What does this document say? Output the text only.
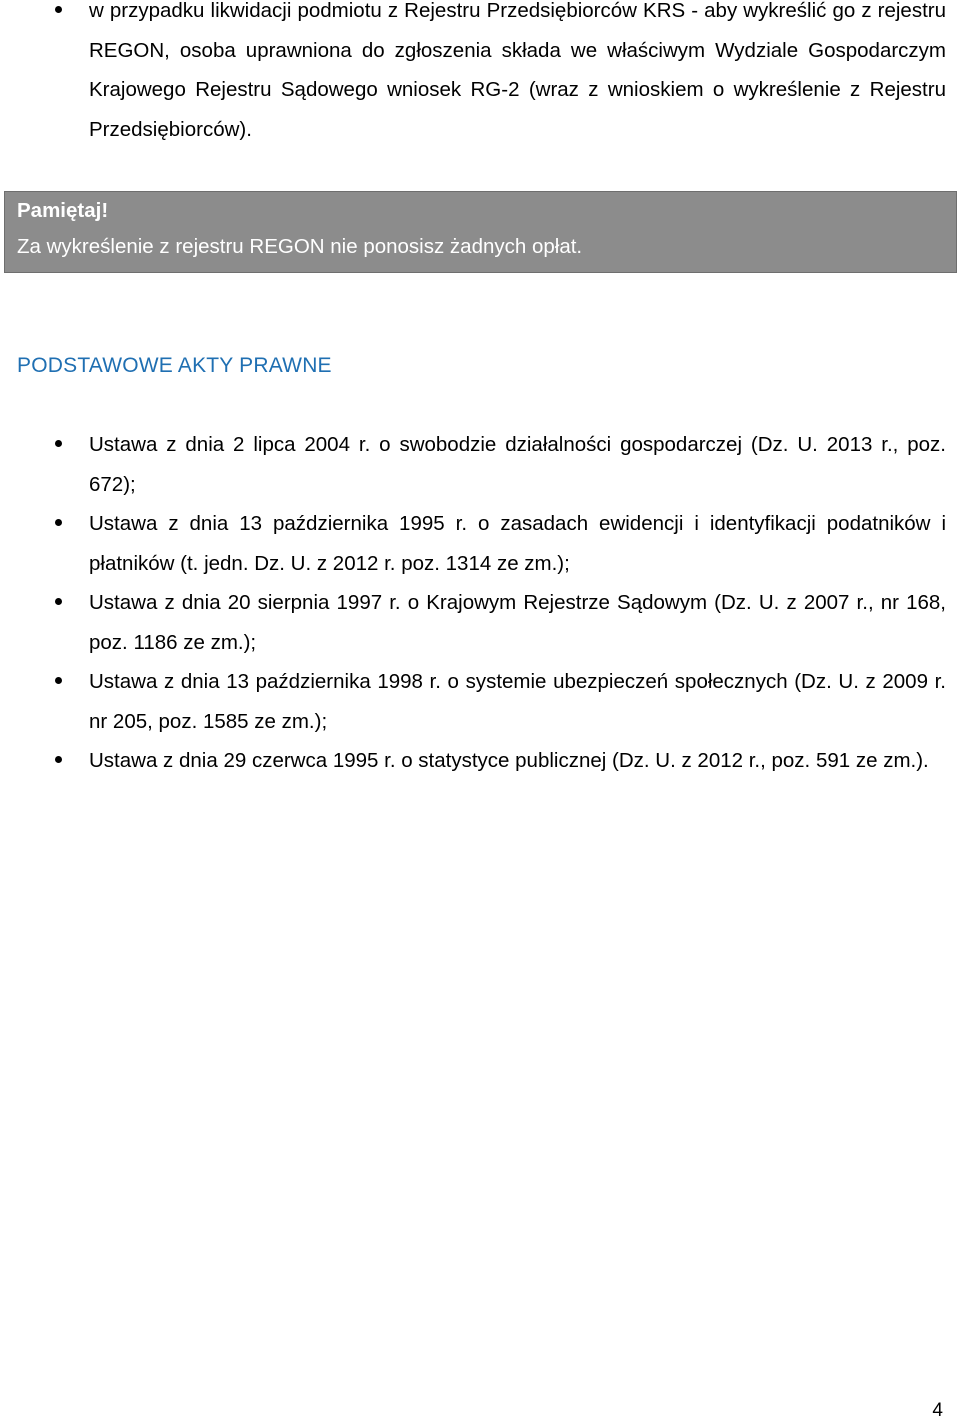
w przypadku likwidacji podmiotu z Rejestru Przedsiębiorców KRS - aby wykreślić go z rejestru REGON, osoba uprawniona do zgłoszenia składa we właściwym Wydziale Gospodarczym Krajowego Rejestru Sądowego wniosek RG-2 (wraz z wnioskiem o wykreślenie z Rejestru Przedsiębiorców).
Pamiętaj!
Za wykreślenie z rejestru REGON nie ponosisz żadnych opłat.
PODSTAWOWE AKTY PRAWNE
Ustawa z dnia 2 lipca 2004 r. o swobodzie działalności gospodarczej (Dz. U. 2013 r., poz. 672);
Ustawa z dnia 13 października 1995 r. o zasadach ewidencji i identyfikacji podatników i płatników (t. jedn. Dz. U. z 2012 r. poz. 1314 ze zm.);
Ustawa z dnia 20 sierpnia 1997 r. o Krajowym Rejestrze Sądowym (Dz. U. z 2007 r., nr 168, poz. 1186 ze zm.);
Ustawa z dnia 13 października 1998 r. o systemie ubezpieczeń społecznych (Dz. U. z 2009 r. nr 205, poz. 1585 ze zm.);
Ustawa z dnia 29 czerwca 1995 r. o statystyce publicznej (Dz. U. z 2012 r., poz. 591 ze zm.).
4
